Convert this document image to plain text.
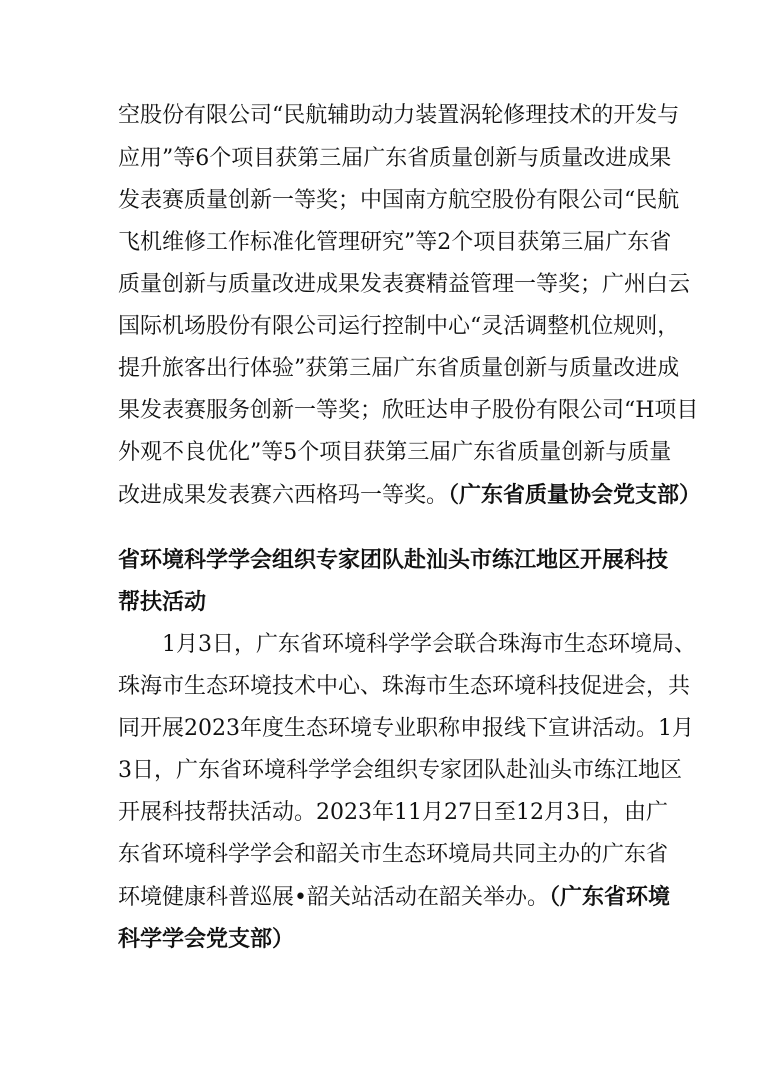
空股份有限公司“民航辅助动力装置涡轮修理技术的开发与
应用”等6个项目获第三届广东省质量创新与质量改进成果
发表赛质量创新一等奖；中国南方航空股份有限公司“民航
飞机维修工作标准化管理研究”等2个项目获第三届广东省
质量创新与质量改进成果发表赛精益管理一等奖；广州白云
国际机场股份有限公司运行控制中心“灵活调整机位规则，
提升旅客出行体验”获第三届广东省质量创新与质量改进成
果发表赛服务创新一等奖；欣旺达申子股份有限公司“H项目
外观不良优化”等5个项目获第三届广东省质量创新与质量
改进成果发表赛六西格玛一等奖。（广东省质量协会党支部）
省环境科学学会组织专家团队赴汕头市练江地区开展科技
帮扶活动
1月3日，广东省环境科学学会联合珠海市生态环境局、
珠海市生态环境技术中心、珠海市生态环境科技促进会，共
同开展2023年度生态环境专业职称申报线下宣讲活动。1月
3日，广东省环境科学学会组织专家团队赴汕头市练江地区
开展科技帮扶活动。2023年11月27日至12月3日，由广
东省环境科学学会和韶关市生态环境局共同主办的广东省
环境健康科普巡展•韶关站活动在韶关举办。（广东省环境
科学学会党支部）
